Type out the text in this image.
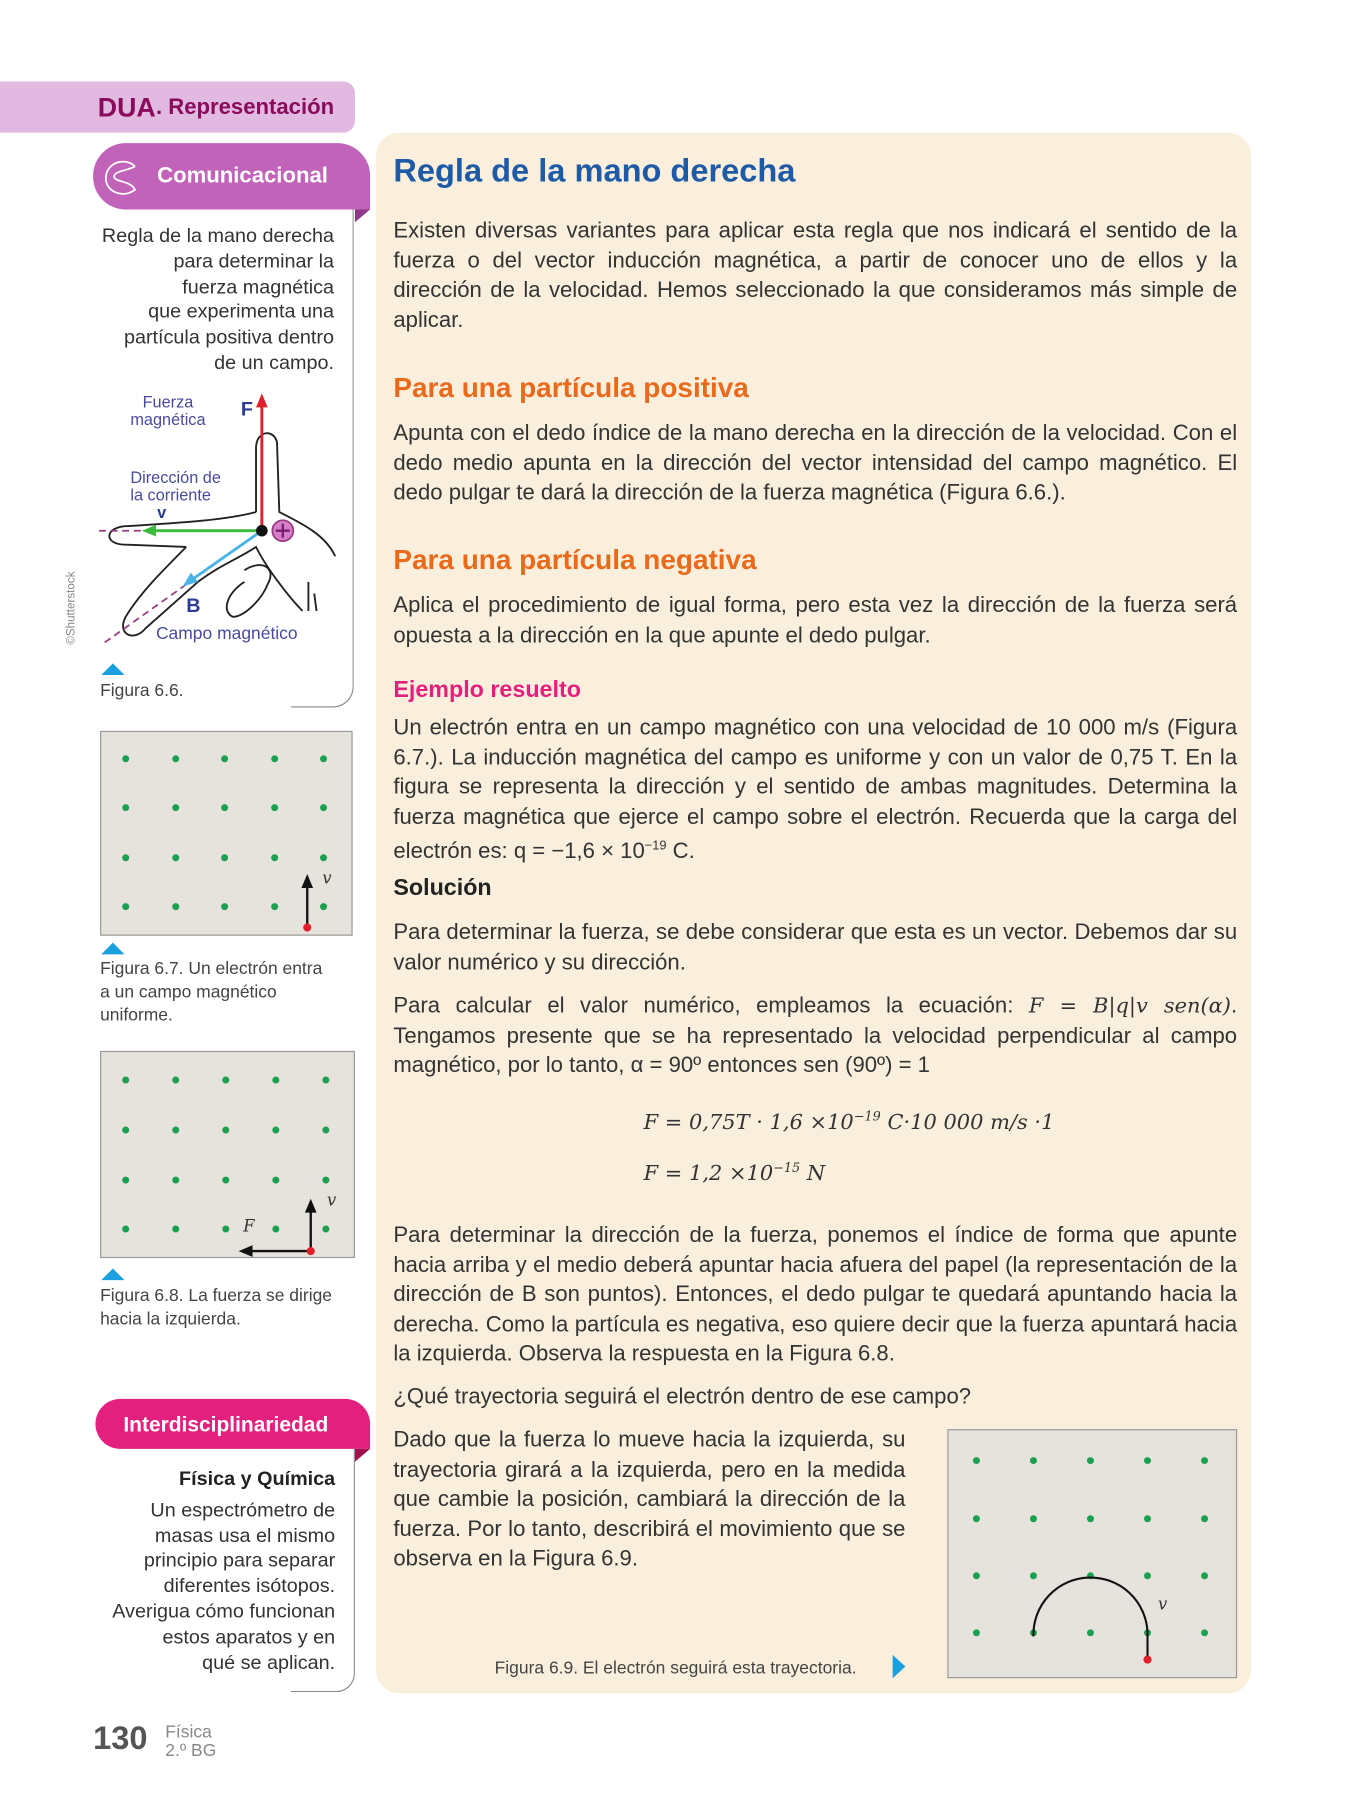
DUA . Representación
Comunicacional
Regla de la mano derecha
para determinar la
fuerza magnética
que experimenta una
partícula positiva dentro
de un campo.
Fuerza
magnética F
Dirección de
la corriente
v
B
Campo magnético
©Shutterstock
Figura 6.6.
v
Figura 6.7. Un electrón entra
a un campo magnético
uniforme.
v
F
Figura 6.8. La fuerza se dirige
hacia la izquierda.
Interdisciplinariedad
Física y Química
Un espectrómetro de
masas usa el mismo
principio para separar
diferentes isótopos.
Averigua cómo funcionan
estos aparatos y en
qué se aplican.
130 Física
2.º BG
Regla de la mano derecha
Existen diversas variantes para aplicar esta regla que nos indicará el sentido de la fuerza o del vector inducción magnética, a partir de conocer uno de ellos y la dirección de la velocidad. Hemos seleccionado la que consideramos más simple de aplicar.
Para una partícula positiva
Apunta con el dedo índice de la mano derecha en la dirección de la velocidad. Con el dedo medio apunta en la dirección del vector intensidad del campo magnético. El dedo pulgar te dará la dirección de la fuerza magnética (Figura 6.6.).
Para una partícula negativa
Aplica el procedimiento de igual forma, pero esta vez la dirección de la fuerza será opuesta a la dirección en la que apunte el dedo pulgar.
Ejemplo resuelto
Un electrón entra en un campo magnético con una velocidad de 10 000 m/s (Figura 6.7.). La inducción magnética del campo es uniforme y con un valor de 0,75 T. En la figura se representa la dirección y el sentido de ambas magnitudes. Determina la fuerza magnética que ejerce el campo sobre el electrón. Recuerda que la carga del electrón es: $q = -1,6 \times 10^{-19}$ C.
Solución
Para determinar la fuerza, se debe considerar que esta es un vector. Debemos dar su valor numérico y su dirección.
Para calcular el valor numérico, empleamos la ecuación: F = B|q|v sen(α). Tengamos presente que se ha representado la velocidad perpendicular al campo magnético, por lo tanto, α = 90º entonces sen (90º) = 1
$F = 0,75T \cdot 1,6 \times 10^{-19}$ C·10 000 m/s ·1
$F = 1,2 \times 10^{-15}$ N
Para determinar la dirección de la fuerza, ponemos el índice de forma que apunte hacia arriba y el medio deberá apuntar hacia afuera del papel (la representación de la dirección de B son puntos). Entonces, el dedo pulgar te quedará apuntando hacia la derecha. Como la partícula es negativa, eso quiere decir que la fuerza apuntará hacia la izquierda. Observa la respuesta en la Figura 6.8.
¿Qué trayectoria seguirá el electrón dentro de ese campo?
Dado que la fuerza lo mueve hacia la izquierda, su trayectoria girará a la izquierda, pero en la medida que cambie la posición, cambiará la dirección de la fuerza. Por lo tanto, describirá el movimiento que se observa en la Figura 6.9.
Figura 6.9. El electrón seguirá esta trayectoria.
v
